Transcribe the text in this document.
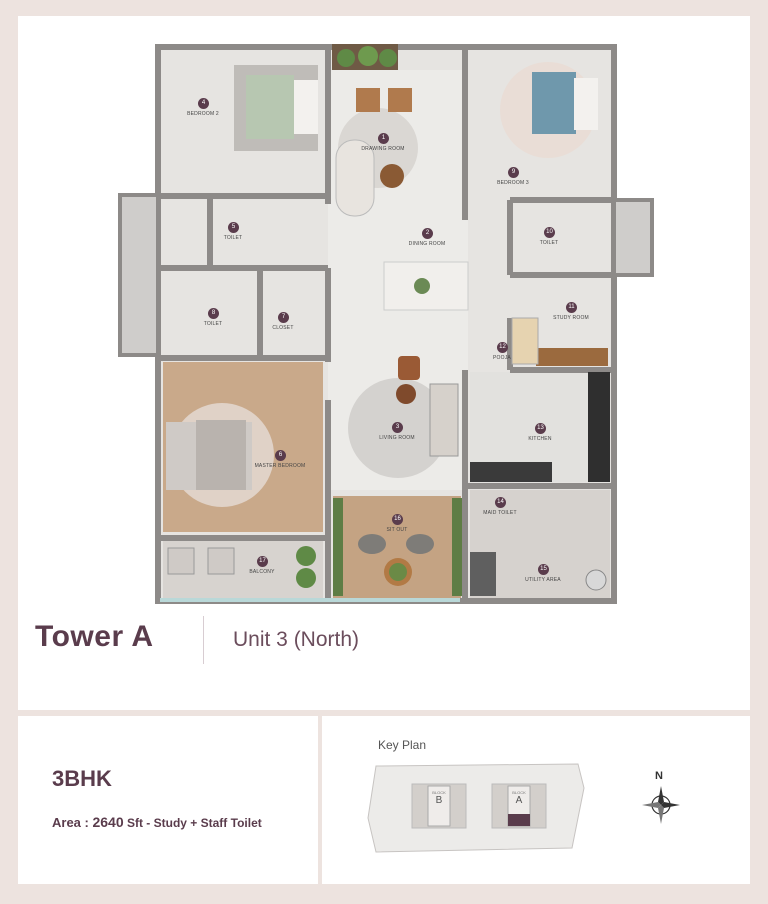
1
DRAWING ROOM
2
DINING ROOM
4
BEDROOM 2
5
TOILET
6
MASTER BEDROOM
7
CLOSET
8
TOILET
9
BEDROOM 3
10
TOILET
11
STUDY ROOM
12
POOJA
13
KITCHEN
14
MAID TOILET
15
UTILITY AREA
16
SIT OUT
17
BALCONY
3
LIVING ROOM
Tower A	Unit 3 (North)
3BHK
Area : 2640 Sft - Study + Staff Toilet
Key Plan
BLOCK
B
BLOCK
A
N
